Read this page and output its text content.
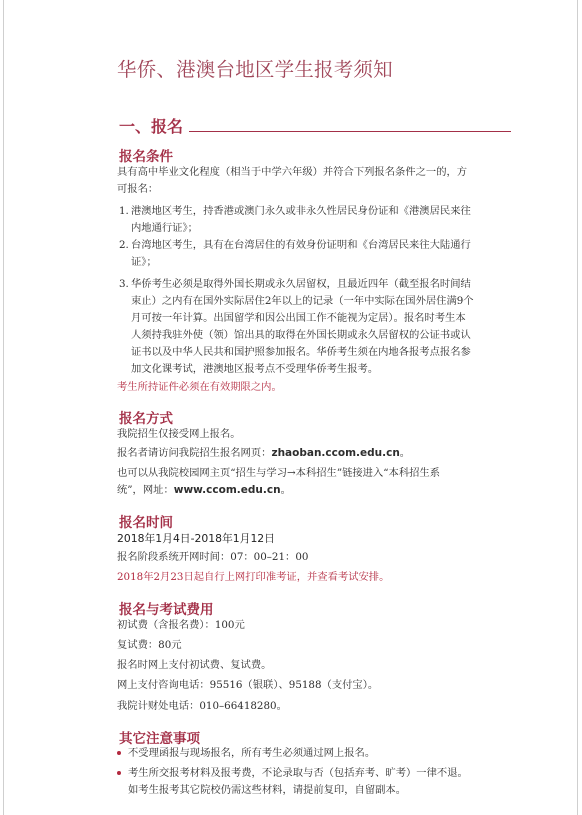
华侨、港澳台地区学生报考须知
一、报名
报名条件
具有高中毕业文化程度（相当于中学六年级）并符合下列报名条件之一的，方
可报名：
1. 港澳地区考生，持香港或澳门永久或非永久性居民身份证和《港澳居民来往
内地通行证》；
2. 台湾地区考生，具有在台湾居住的有效身份证明和《台湾居民来往大陆通行
证》；
3. 华侨考生必须是取得外国长期或永久居留权，且最近四年（截至报名时间结
束止）之内有在国外实际居住2年以上的记录（一年中实际在国外居住满9个
月可按一年计算。出国留学和因公出国工作不能视为定居）。报名时考生本
人须持我驻外使（领）馆出具的取得在外国长期或永久居留权的公证书或认
证书以及中华人民共和国护照参加报名。华侨考生须在内地各报考点报名参
加文化课考试，港澳地区报考点不受理华侨考生报考。
考生所持证件必须在有效期限之内。
报名方式
我院招生仅接受网上报名。
报名者请访问我院招生报名网页：zhaoban.ccom.edu.cn。
也可以从我院校园网主页“招生与学习→本科招生”链接进入“本科招生系
统”，网址：www.ccom.edu.cn。
报名时间
2018年1月4日-2018年1月12日
报名阶段系统开网时间：07：00–21：00
2018年2月23日起自行上网打印准考证，并查看考试安排。
报名与考试费用
初试费（含报名费）：100元
复试费：80元
报名时网上支付初试费、复试费。
网上支付咨询电话：95516（银联）、95188（支付宝）。
我院计财处电话：010–66418280。
其它注意事项
不受理函报与现场报名，所有考生必须通过网上报名。
考生所交报考材料及报考费，不论录取与否（包括弃考、旷考）一律不退。
如考生报考其它院校仍需这些材料，请提前复印，自留副本。
